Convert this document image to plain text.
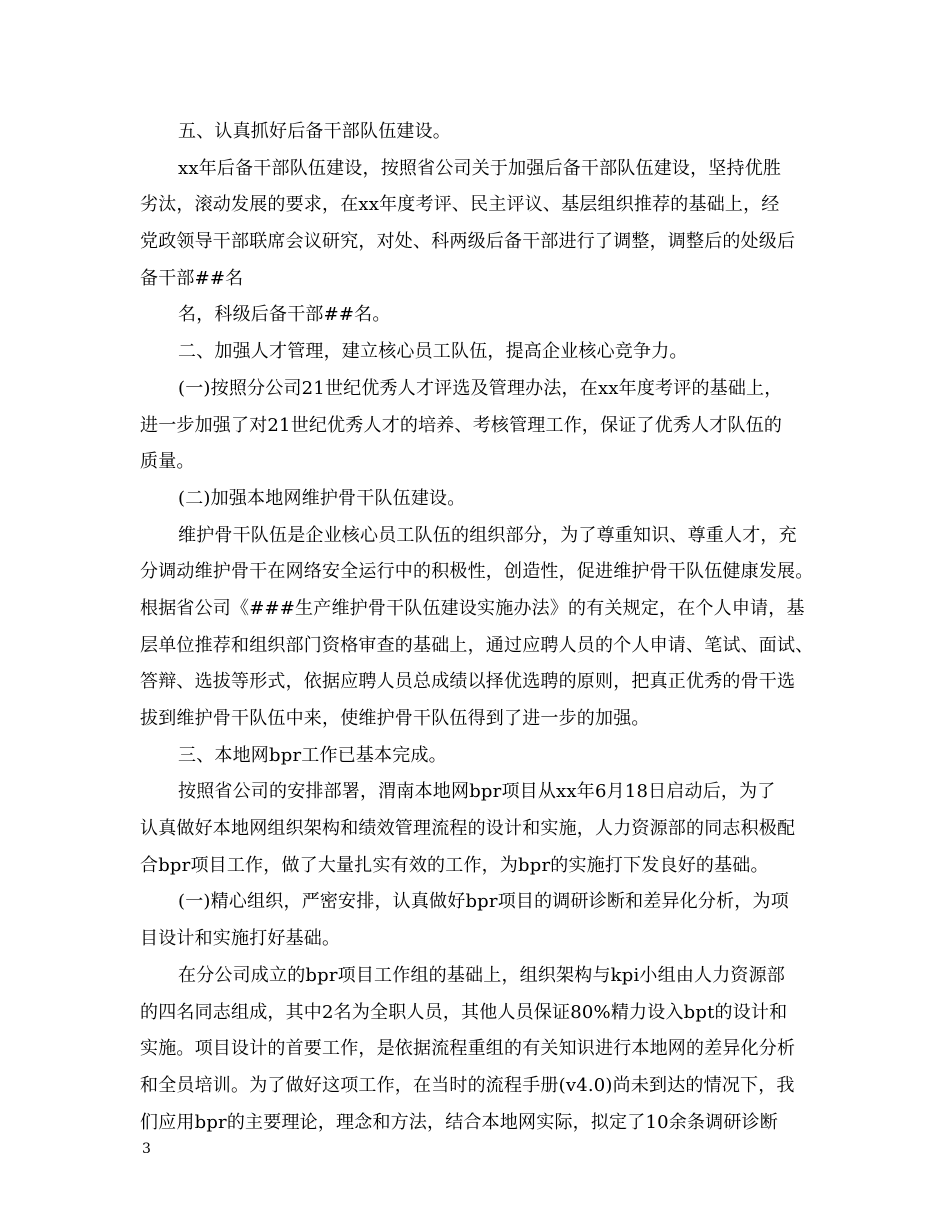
五、认真抓好后备干部队伍建设。
xx年后备干部队伍建设，按照省公司关于加强后备干部队伍建设，坚持优胜
劣汰，滚动发展的要求，在xx年度考评、民主评议、基层组织推荐的基础上，经
党政领导干部联席会议研究，对处、科两级后备干部进行了调整，调整后的处级后
备干部##名
名，科级后备干部##名。
二、加强人才管理，建立核心员工队伍，提高企业核心竞争力。
(一)按照分公司21世纪优秀人才评选及管理办法，在xx年度考评的基础上，
进一步加强了对21世纪优秀人才的培养、考核管理工作，保证了优秀人才队伍的
质量。
(二)加强本地网维护骨干队伍建设。
维护骨干队伍是企业核心员工队伍的组织部分，为了尊重知识、尊重人才，充
分调动维护骨干在网络安全运行中的积极性，创造性，促进维护骨干队伍健康发展。
根据省公司《###生产维护骨干队伍建设实施办法》的有关规定，在个人申请，基
层单位推荐和组织部门资格审查的基础上，通过应聘人员的个人申请、笔试、面试、
答辩、选拔等形式，依据应聘人员总成绩以择优选聘的原则，把真正优秀的骨干选
拔到维护骨干队伍中来，使维护骨干队伍得到了进一步的加强。
三、本地网bpr工作已基本完成。
按照省公司的安排部署，渭南本地网bpr项目从xx年6月18日启动后，为了
认真做好本地网组织架构和绩效管理流程的设计和实施，人力资源部的同志积极配
合bpr项目工作，做了大量扎实有效的工作，为bpr的实施打下发良好的基础。
(一)精心组织，严密安排，认真做好bpr项目的调研诊断和差异化分析，为项
目设计和实施打好基础。
在分公司成立的bpr项目工作组的基础上，组织架构与kpi小组由人力资源部
的四名同志组成，其中2名为全职人员，其他人员保证80%精力设入bpt的设计和
实施。项目设计的首要工作，是依据流程重组的有关知识进行本地网的差异化分析
和全员培训。为了做好这项工作，在当时的流程手册(v4.0)尚未到达的情况下，我
们应用bpr的主要理论，理念和方法，结合本地网实际，拟定了10余条调研诊断
3
